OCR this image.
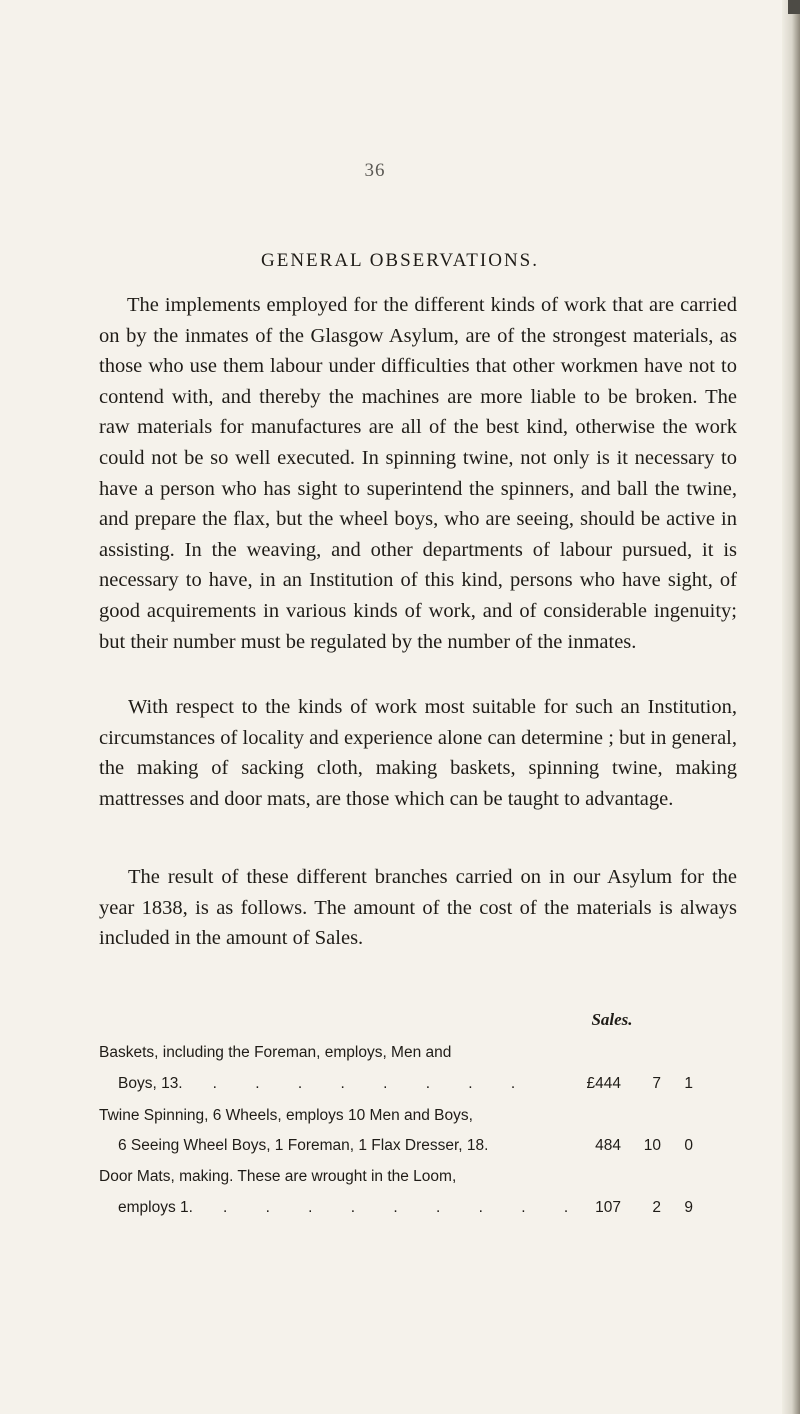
36
GENERAL OBSERVATIONS.

The implements employed for the different kinds of work that are carried on by the inmates of the Glasgow Asylum, are of the strongest materials, as those who use them labour under difficulties that other workmen have not to contend with, and thereby the machines are more liable to be broken. The raw materials for manufactures are all of the best kind, otherwise the work could not be so well executed. In spinning twine, not only is it necessary to have a person who has sight to superintend the spinners, and ball the twine, and prepare the flax, but the wheel boys, who are seeing, should be active in assisting. In the weaving, and other departments of labour pursued, it is necessary to have, in an Institution of this kind, persons who have sight, of good acquirements in various kinds of work, and of considerable ingenuity; but their number must be regulated by the number of the inmates.

With respect to the kinds of work most suitable for such an Institution, circumstances of locality and experience alone can determine ; but in general, the making of sacking cloth, making baskets, spinning twine, making mattresses and door mats, are those which can be taught to advantage.

The result of these different branches carried on in our Asylum for the year 1838, is as follows. The amount of the cost of the materials is always included in the amount of Sales.

Sales.
Baskets, including the Foreman, employs, Men and
Boys, 13. . . . . . . . .	£444	7	1
Twine Spinning, 6 Wheels, employs 10 Men and Boys,
6 Seeing Wheel Boys, 1 Foreman, 1 Flax Dresser, 18.	484	10	0
Door Mats, making. These are wrought in the Loom,
employs 1. . . . . . . . . . 107	2	9
